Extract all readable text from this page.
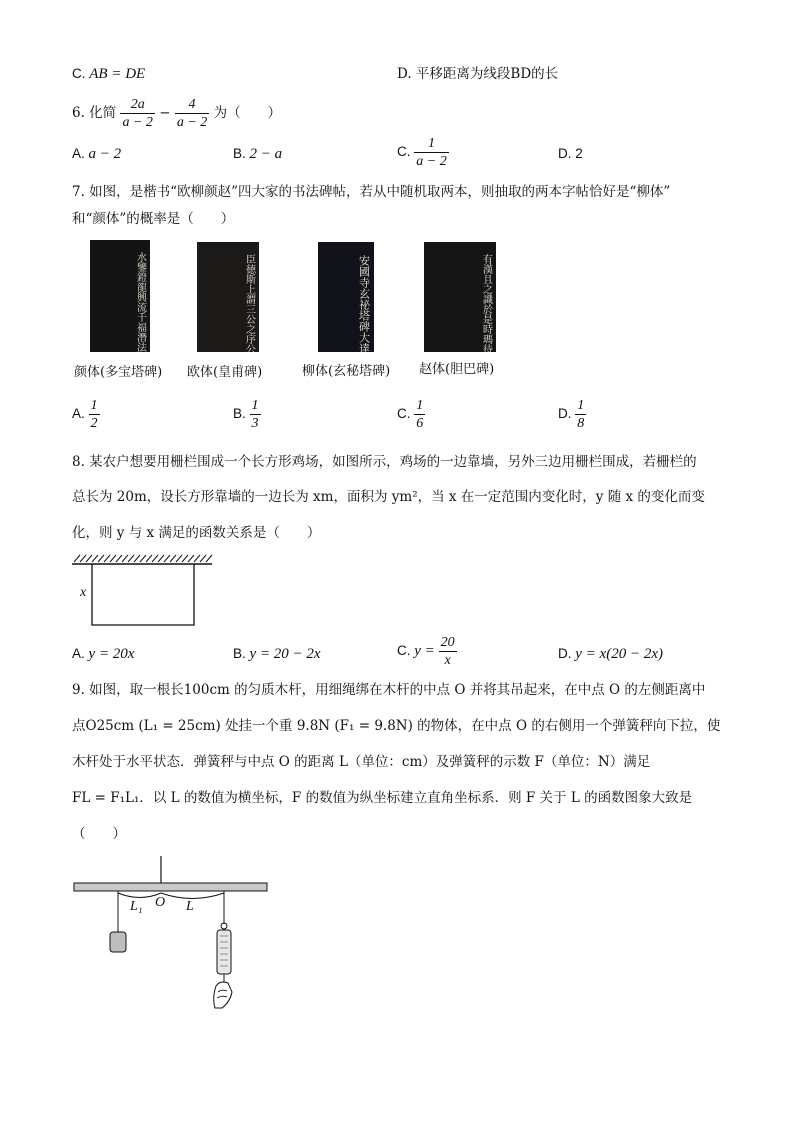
C. AB = DE	D. 平移距离为线段BD的长
6. 化简 $\frac{2a}{a - 2} - \frac{4}{a - 2}$ 为（　　）
A. a − 2	B. 2 − a	C. $\frac{1}{a - 2}$	D. 2
7. 如图，是楷书“欧柳颜赵”四大家的书法碑帖，若从中随机取两本，则抽取的两本字帖恰好是“柳体”
和“颜体”的概率是（　　）
安國寺玄祕塔碑大達法師端甫靈骨之塔	有漢且之識於是時瑪待詔之士而至其見
颜体(多宝塔碑) 欧体(皇甫碑)	柳体(玄秘塔碑) 赵体(胆巴碑)
A. $\frac{1}{2}$	B. $\frac{1}{3}$	C. $\frac{1}{6}$	D. $\frac{1}{8}$
8. 某农户想要用栅栏围成一个长方形鸡场，如图所示，鸡场的一边靠墙，另外三边用栅栏围成，若栅栏的
总长为 20m，设长方形靠墙的一边长为 xm，面积为 ym²，当 x 在一定范围内变化时，y 随 x 的变化而变
化，则 y 与 x 满足的函数关系是（　　）
x
A. y = 20x	B. y = 20 − 2x	C. $y = \frac{20}{x}$	D. y = x(20 − 2x)
9. 如图，取一根长100cm 的匀质木杆，用细绳绑在木杆的中点 O 并将其吊起来，在中点 O 的左侧距离中
点O25cm (L₁ = 25cm) 处挂一个重 9.8N (F₁ = 9.8N) 的物体，在中点 O 的右侧用一个弹簧秤向下拉，使
木杆处于水平状态．弹簧秤与中点 O 的距离 L（单位：cm）及弹簧秤的示数 F（单位：N）满足
FL = F₁L₁．以 L 的数值为横坐标，F 的数值为纵坐标建立直角坐标系．则 F 关于 L 的函数图象大致是
（　　）
L₁ O L
